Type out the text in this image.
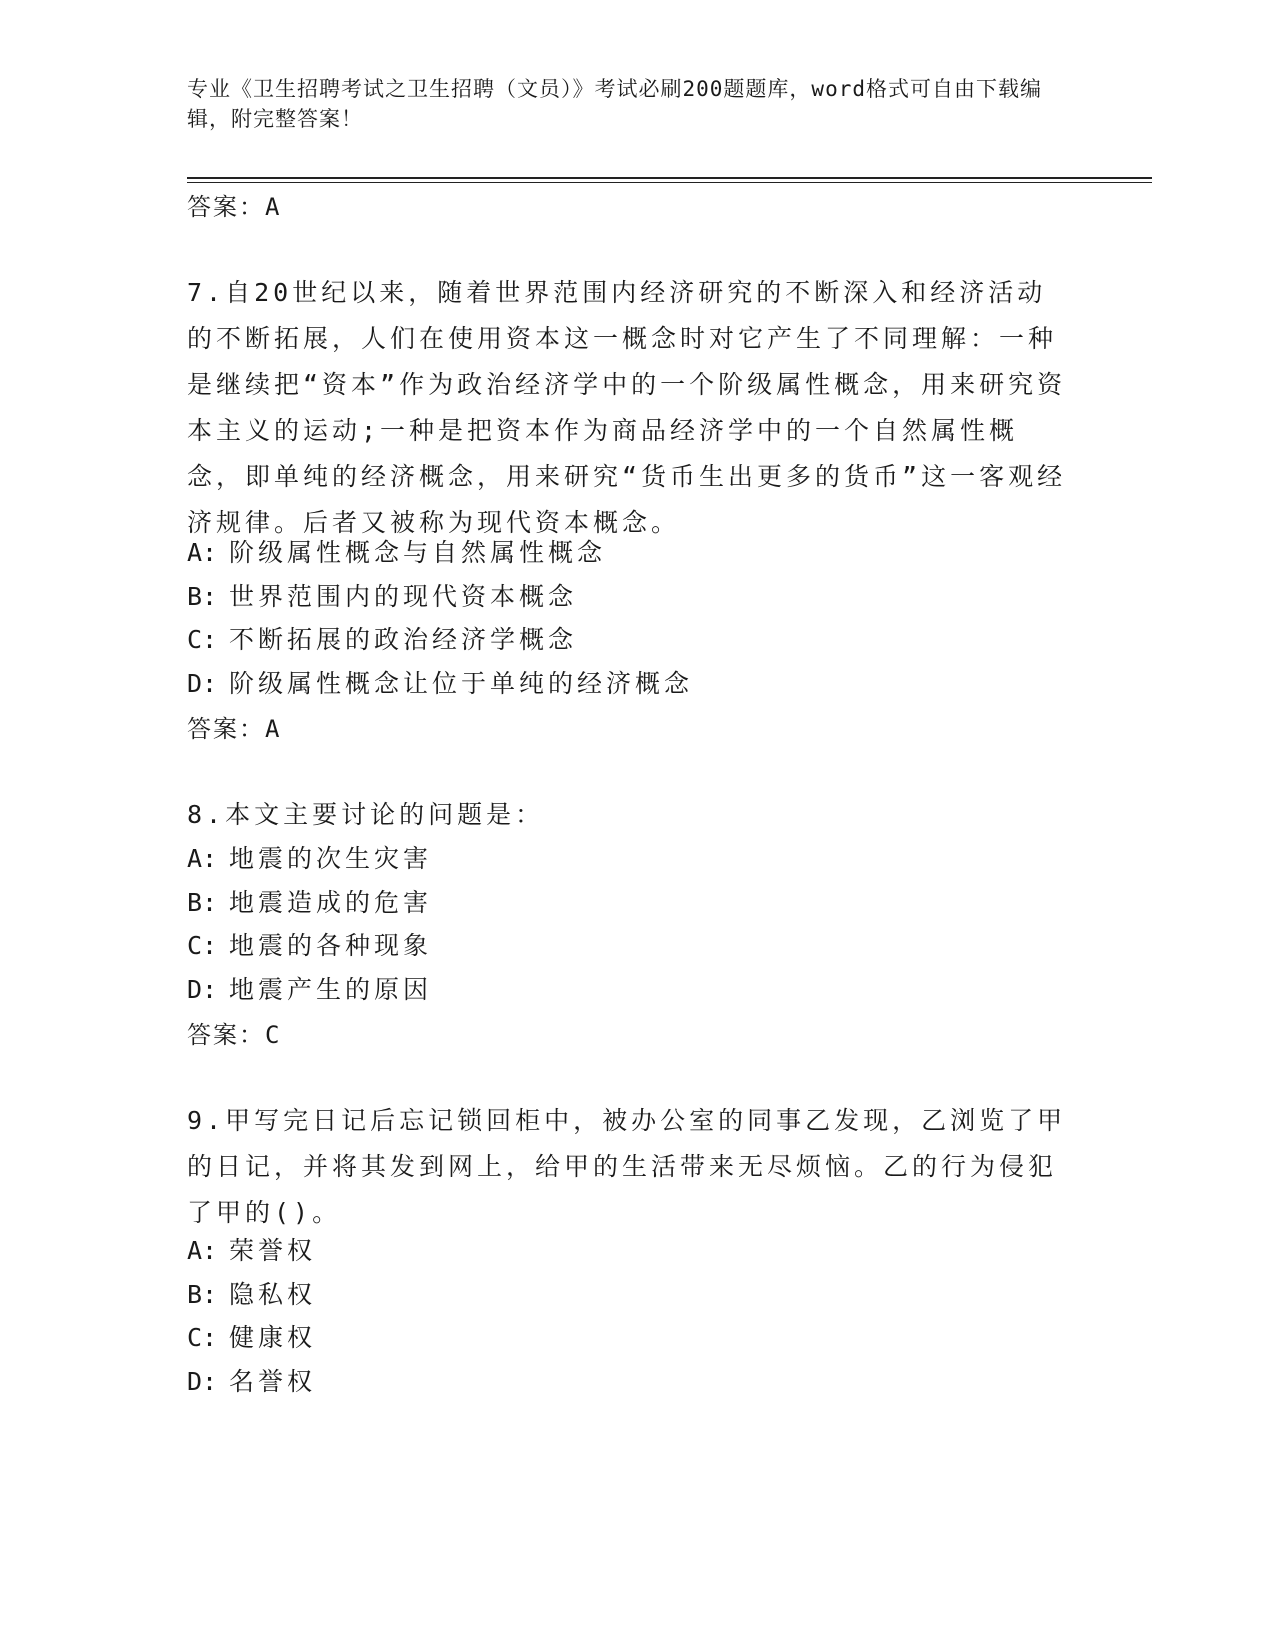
专业《卫生招聘考试之卫生招聘（文员）》考试必刷200题题库，word格式可自由下载编辑，附完整答案！
答案：A
7.自20世纪以来，随着世界范围内经济研究的不断深入和经济活动的不断拓展，人们在使用资本这一概念时对它产生了不同理解：一种是继续把“资本”作为政治经济学中的一个阶级属性概念，用来研究资本主义的运动;一种是把资本作为商品经济学中的一个自然属性概念，即单纯的经济概念，用来研究“货币生出更多的货币”这一客观经济规律。后者又被称为现代资本概念。
A: 阶级属性概念与自然属性概念
B: 世界范围内的现代资本概念
C: 不断拓展的政治经济学概念
D: 阶级属性概念让位于单纯的经济概念
答案：A
8.本文主要讨论的问题是：
A: 地震的次生灾害
B: 地震造成的危害
C: 地震的各种现象
D: 地震产生的原因
答案：C
9.甲写完日记后忘记锁回柜中，被办公室的同事乙发现，乙浏览了甲的日记，并将其发到网上，给甲的生活带来无尽烦恼。乙的行为侵犯了甲的()。
A: 荣誉权
B: 隐私权
C: 健康权
D: 名誉权
